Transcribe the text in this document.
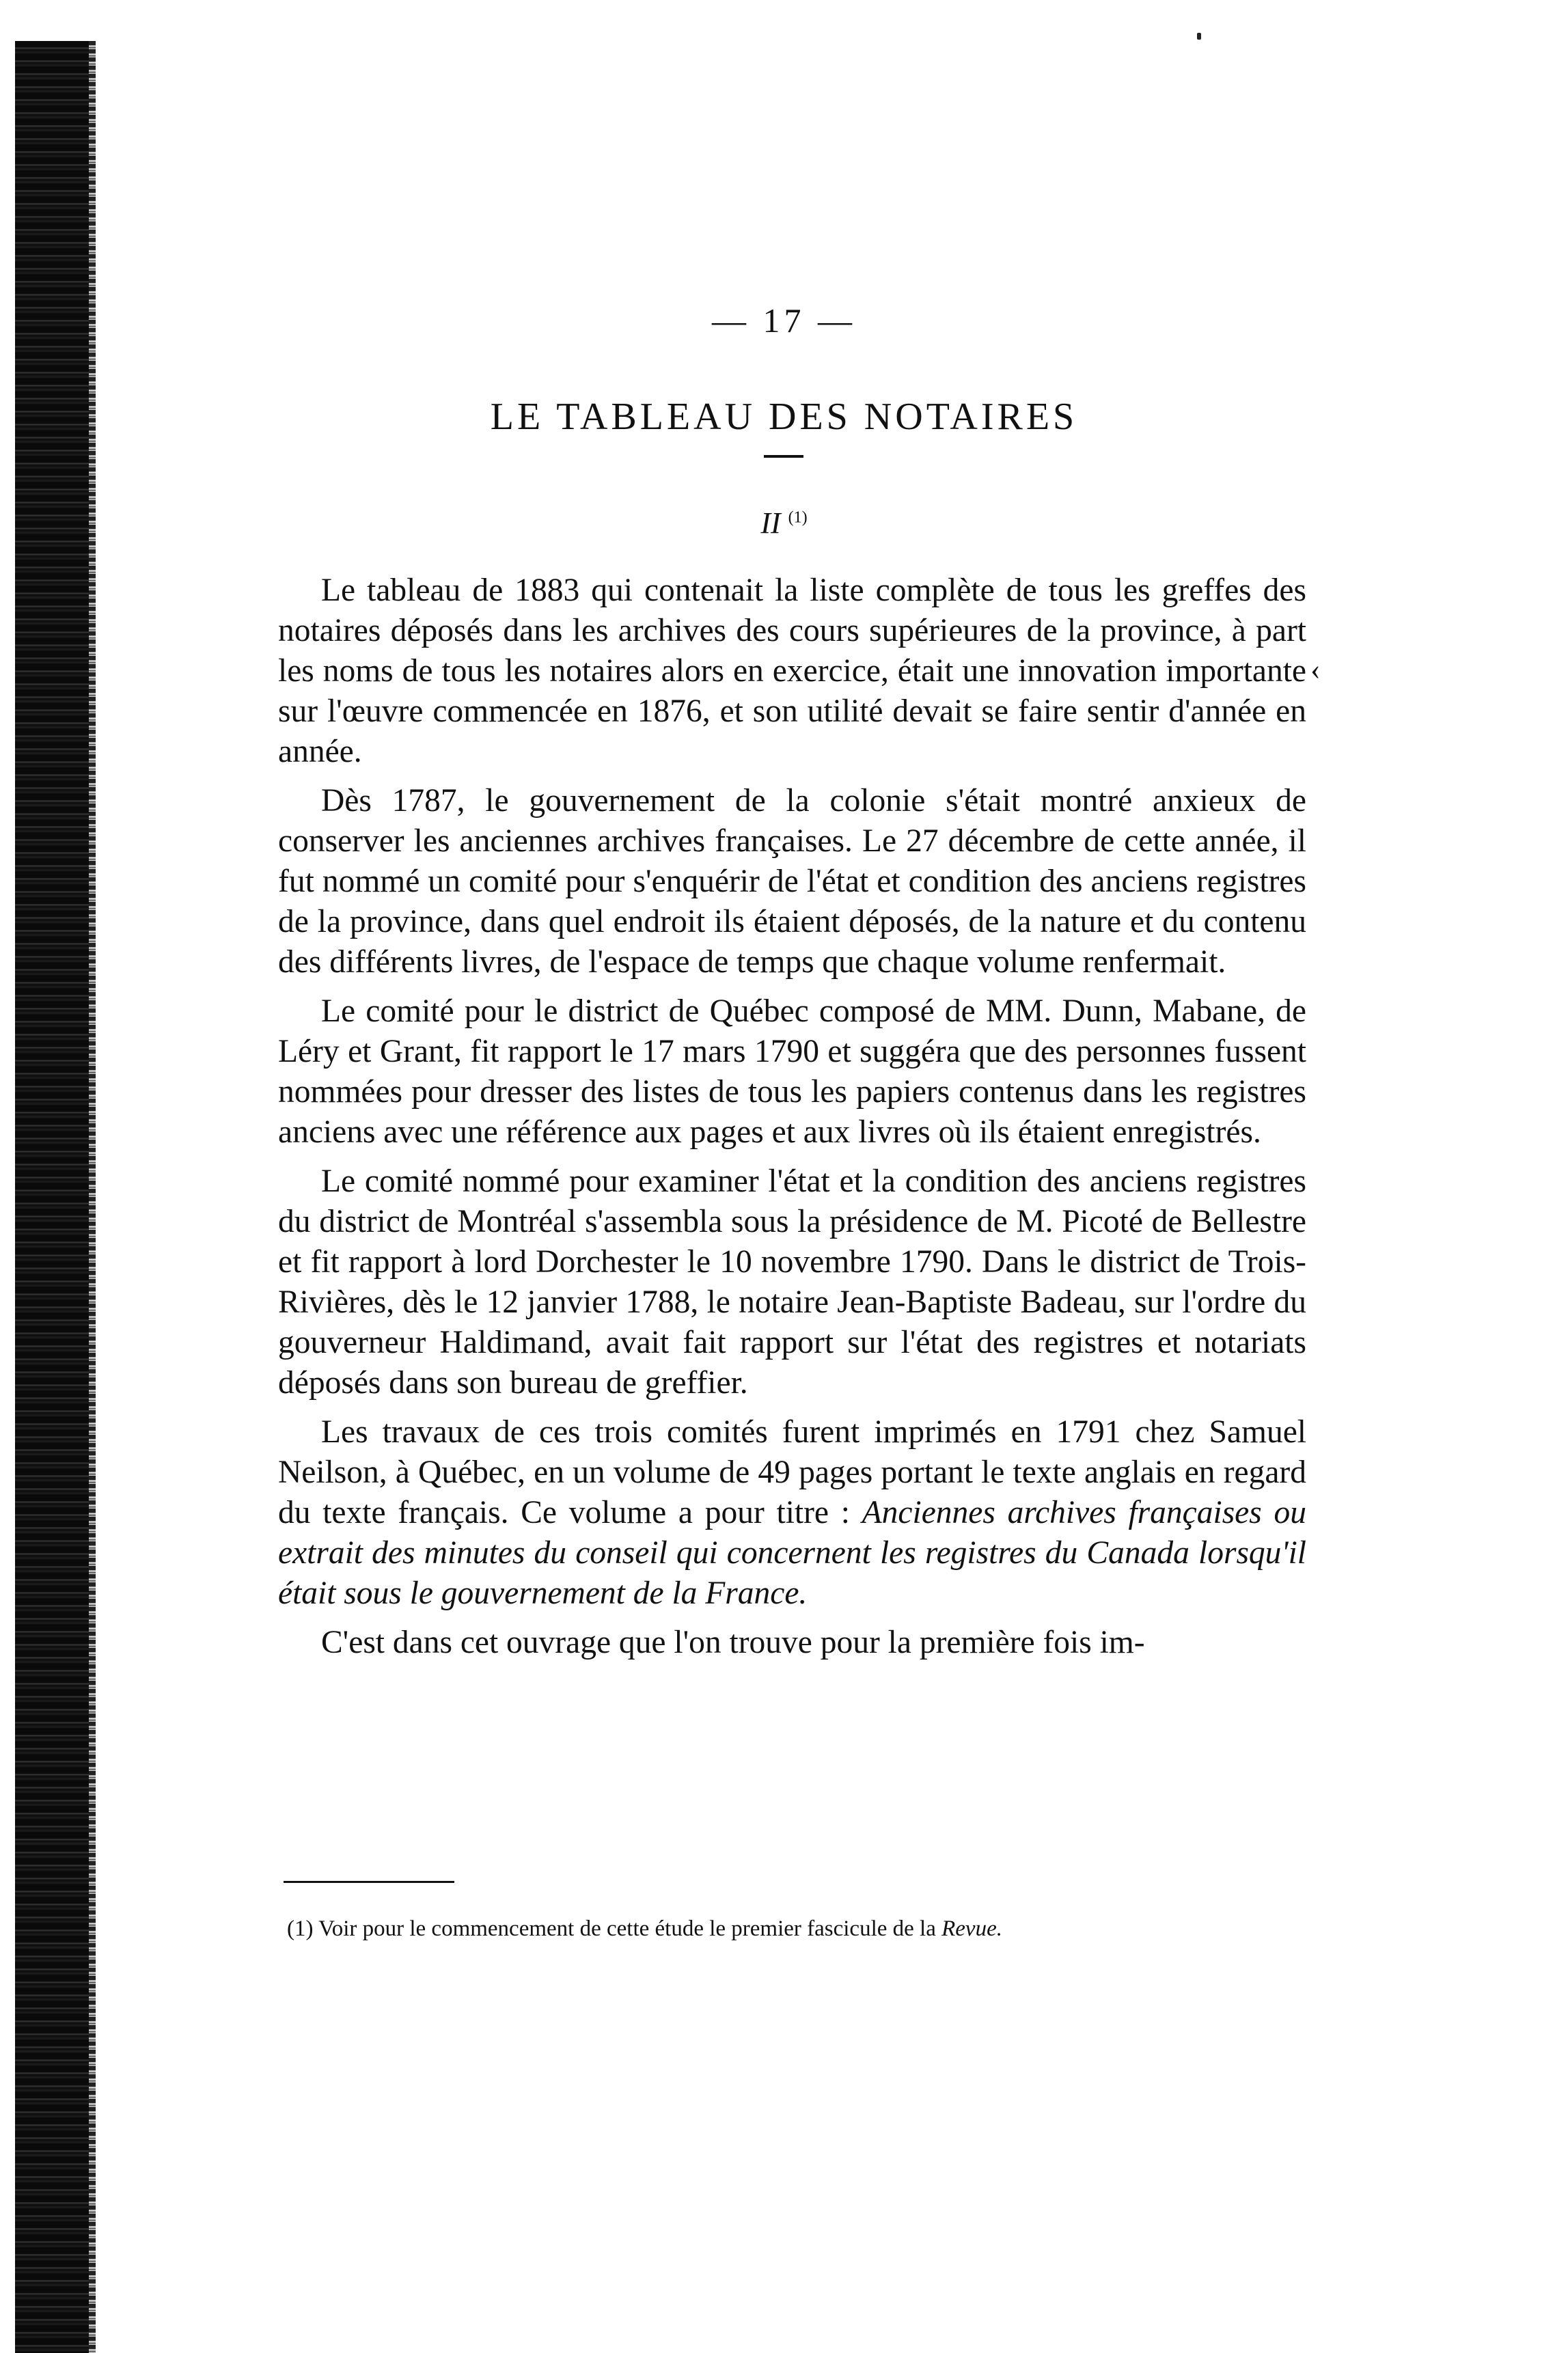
— 17 —
LE TABLEAU DES NOTAIRES
II $^{(1)}$
‹

Le tableau de 1883 qui contenait la liste complète de tous les greffes des notaires déposés dans les archives des cours supérieures de la province, à part les noms de tous les notaires alors en exercice, était une innovation importante sur l'œuvre commencée en 1876, et son utilité devait se faire sentir d'année en année.

Dès 1787, le gouvernement de la colonie s'était montré anxieux de conserver les anciennes archives françaises. Le 27 décembre de cette année, il fut nommé un comité pour s'enquérir de l'état et condition des anciens registres de la province, dans quel endroit ils étaient déposés, de la nature et du contenu des différents livres, de l'espace de temps que chaque volume renfermait.

Le comité pour le district de Québec composé de MM. Dunn, Mabane, de Léry et Grant, fit rapport le 17 mars 1790 et suggéra que des personnes fussent nommées pour dresser des listes de tous les papiers contenus dans les registres anciens avec une référence aux pages et aux livres où ils étaient enregistrés.

Le comité nommé pour examiner l'état et la condition des anciens registres du district de Montréal s'assembla sous la présidence de M. Picoté de Bellestre et fit rapport à lord Dorchester le 10 novembre 1790. Dans le district de Trois-Rivières, dès le 12 janvier 1788, le notaire Jean-Baptiste Badeau, sur l'ordre du gouverneur Haldimand, avait fait rapport sur l'état des registres et notariats déposés dans son bureau de greffier.

Les travaux de ces trois comités furent imprimés en 1791 chez Samuel Neilson, à Québec, en un volume de 49 pages portant le texte anglais en regard du texte français. Ce volume a pour titre : Anciennes archives françaises ou extrait des minutes du conseil qui concernent les registres du Canada lorsqu'il était sous le gouvernement de la France.

C'est dans cet ouvrage que l'on trouve pour la première fois im-

(1) Voir pour le commencement de cette étude le premier fascicule de la Revue.
